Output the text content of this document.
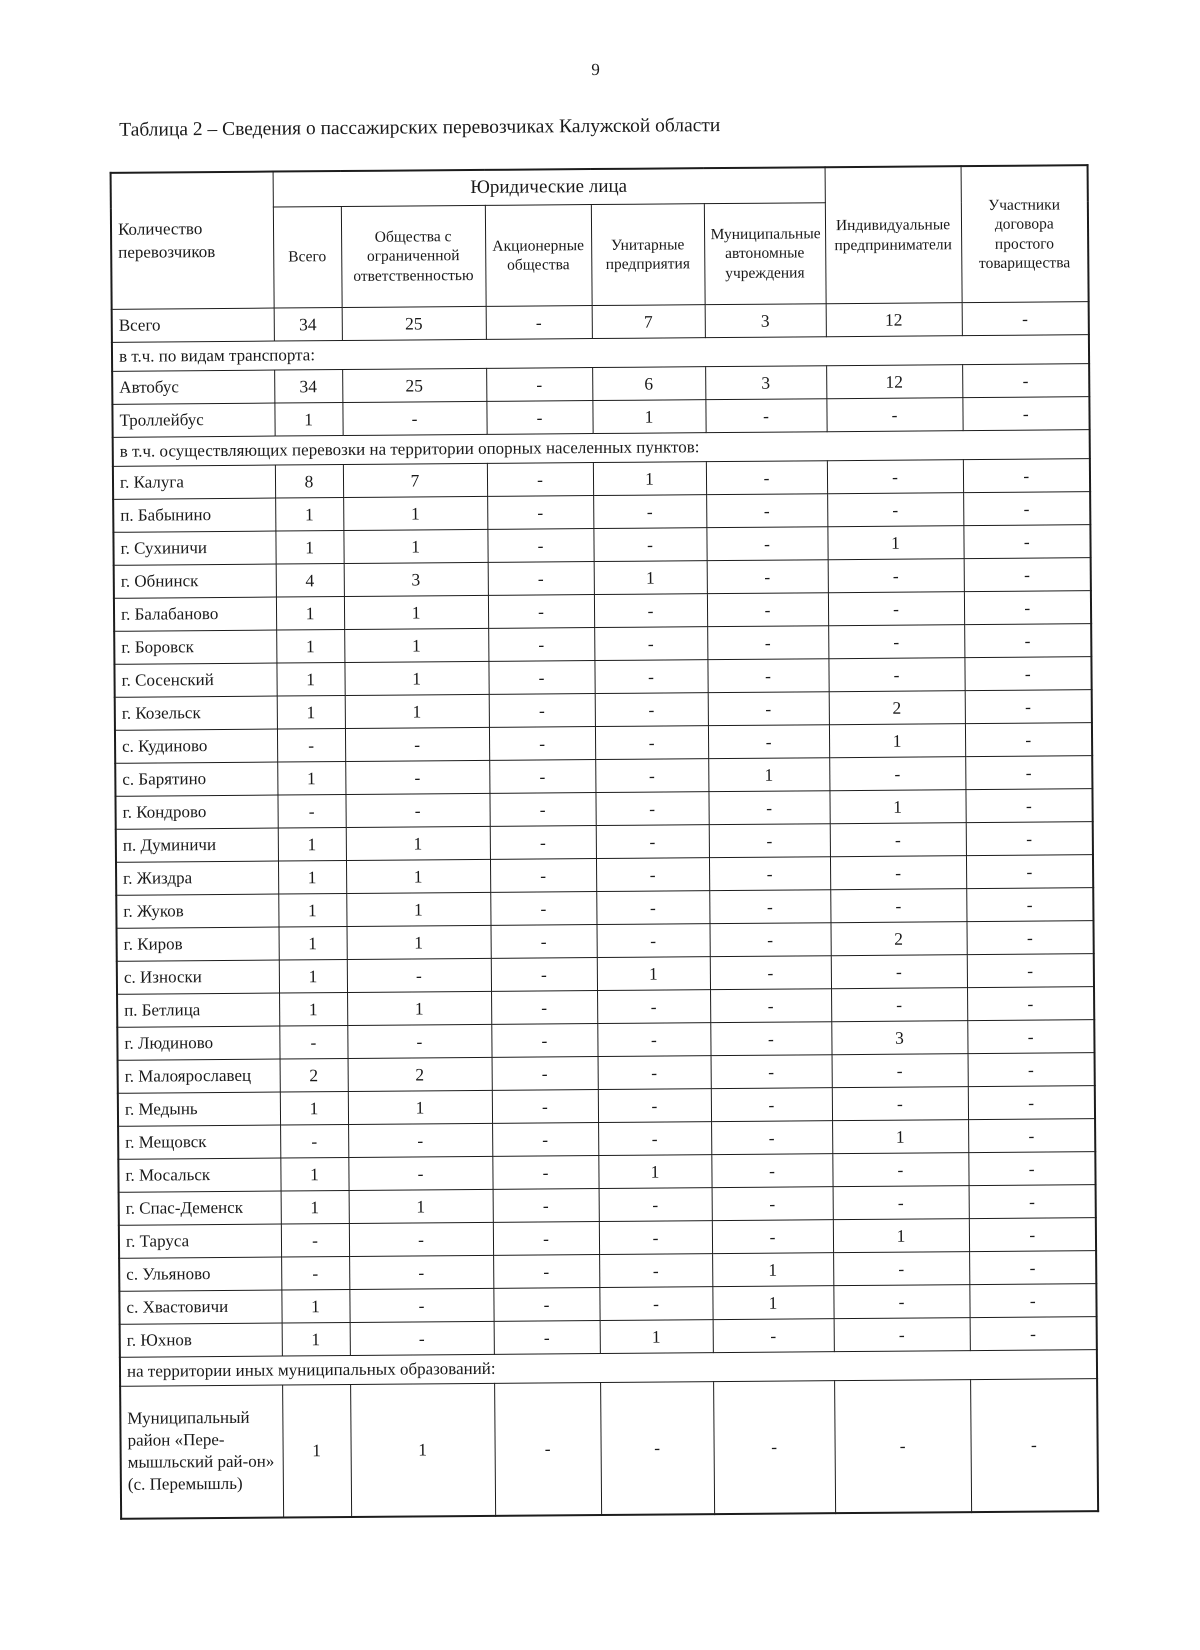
9
Таблица 2 – Сведения о пассажирских перевозчиках Калужской области
Количество перевозчиков	Юридические лица					Индивидуальные предприниматели	Участники договора простого товарищества
	Всего	Общества с ограниченной ответственностью	Акционерные общества	Унитарные предприятия	Муниципальные автономные учреждения		
Всего	34	25	-	7	3	12	-
в т.ч. по видам транспорта:							
Автобус	34	25	-	6	3	12	-
Троллейбус	1	-	-	1	-	-	-
в т.ч. осуществляющих перевозки на территории опорных населенных пунктов:							
г. Калуга	8	7	-	1	-	-	-
п. Бабынино	1	1	-	-	-	-	-
г. Сухиничи	1	1	-	-	-	1	-
г. Обнинск	4	3	-	1	-	-	-
г. Балабаново	1	1	-	-	-	-	-
г. Боровск	1	1	-	-	-	-	-
г. Сосенский	1	1	-	-	-	-	-
г. Козельск	1	1	-	-	-	2	-
с. Кудиново	-	-	-	-	-	1	-
с. Барятино	1	-	-	-	1	-	-
г. Кондрово	-	-	-	-	-	1	-
п. Думиничи	1	1	-	-	-	-	-
г. Жиздра	1	1	-	-	-	-	-
г. Жуков	1	1	-	-	-	-	-
г. Киров	1	1	-	-	-	2	-
с. Износки	1	-	-	1	-	-	-
п. Бетлица	1	1	-	-	-	-	-
г. Людиново	-	-	-	-	-	3	-
г. Малоярославец	2	2	-	-	-	-	-
г. Медынь	1	1	-	-	-	-	-
г. Мещовск	-	-	-	-	-	1	-
г. Мосальск	1	-	-	1	-	-	-
г. Спас-Деменск	1	1	-	-	-	-	-
г. Таруса	-	-	-	-	-	1	-
с. Ульяново	-	-	-	-	1	-	-
с. Хвастовичи	1	-	-	-	1	-	-
г. Юхнов	1	-	-	1	-	-	-
на территории иных муниципальных образований:							
Муниципальный район «Пере-мышльский рай-он»
(с. Перемышль)	1	1	-	-	-	-	-
